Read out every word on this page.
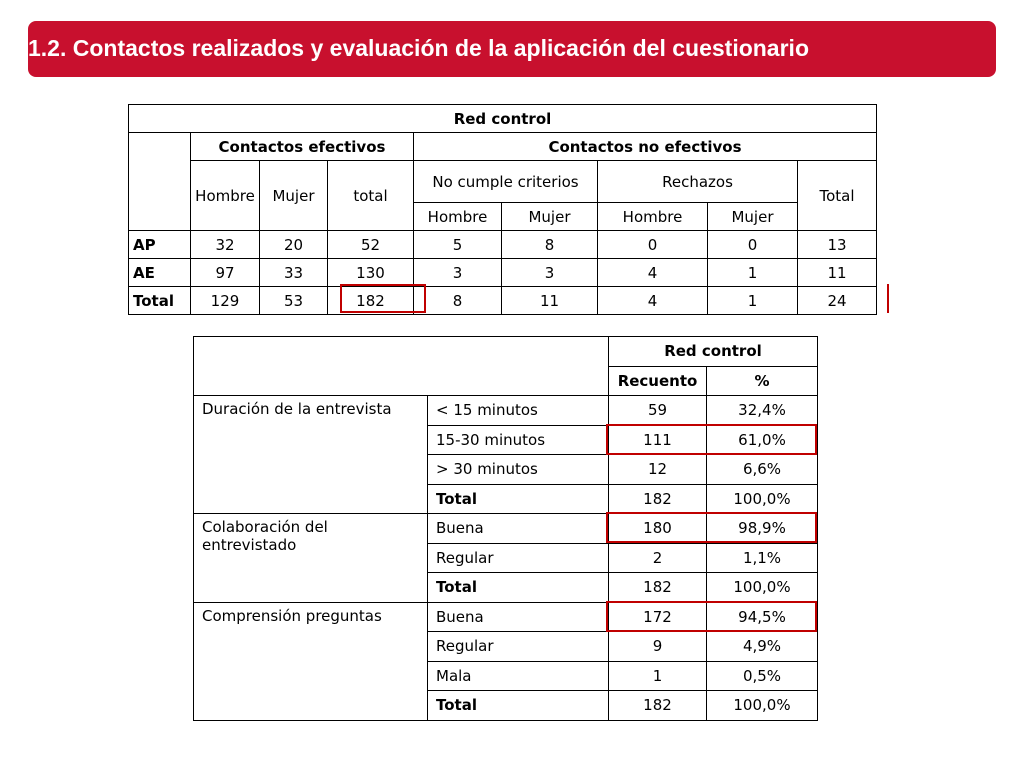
1.2. Contactos realizados y evaluación de la aplicación del cuestionario
Red control								
	Contactos efectivos			Contactos no efectivos				
	Hombre	Mujer	total	No cumple criterios		Rechazos		Total
				Hombre	Mujer	Hombre	Mujer	
AP	32	20	52	5	8	0	0	13
AE	97	33	130	3	3	4	1	11
Total	129	53	182	8	11	4	1	24
		Red control	
		Recuento	%
Duración de la entrevista	< 15 minutos	59	32,4%
	15-30 minutos	111	61,0%
	> 30 minutos	12	6,6%
	Total	182	100,0%
Colaboración del entrevistado	Buena	180	98,9%
	Regular	2	1,1%
	Total	182	100,0%
Comprensión preguntas	Buena	172	94,5%
	Regular	9	4,9%
	Mala	1	0,5%
	Total	182	100,0%
